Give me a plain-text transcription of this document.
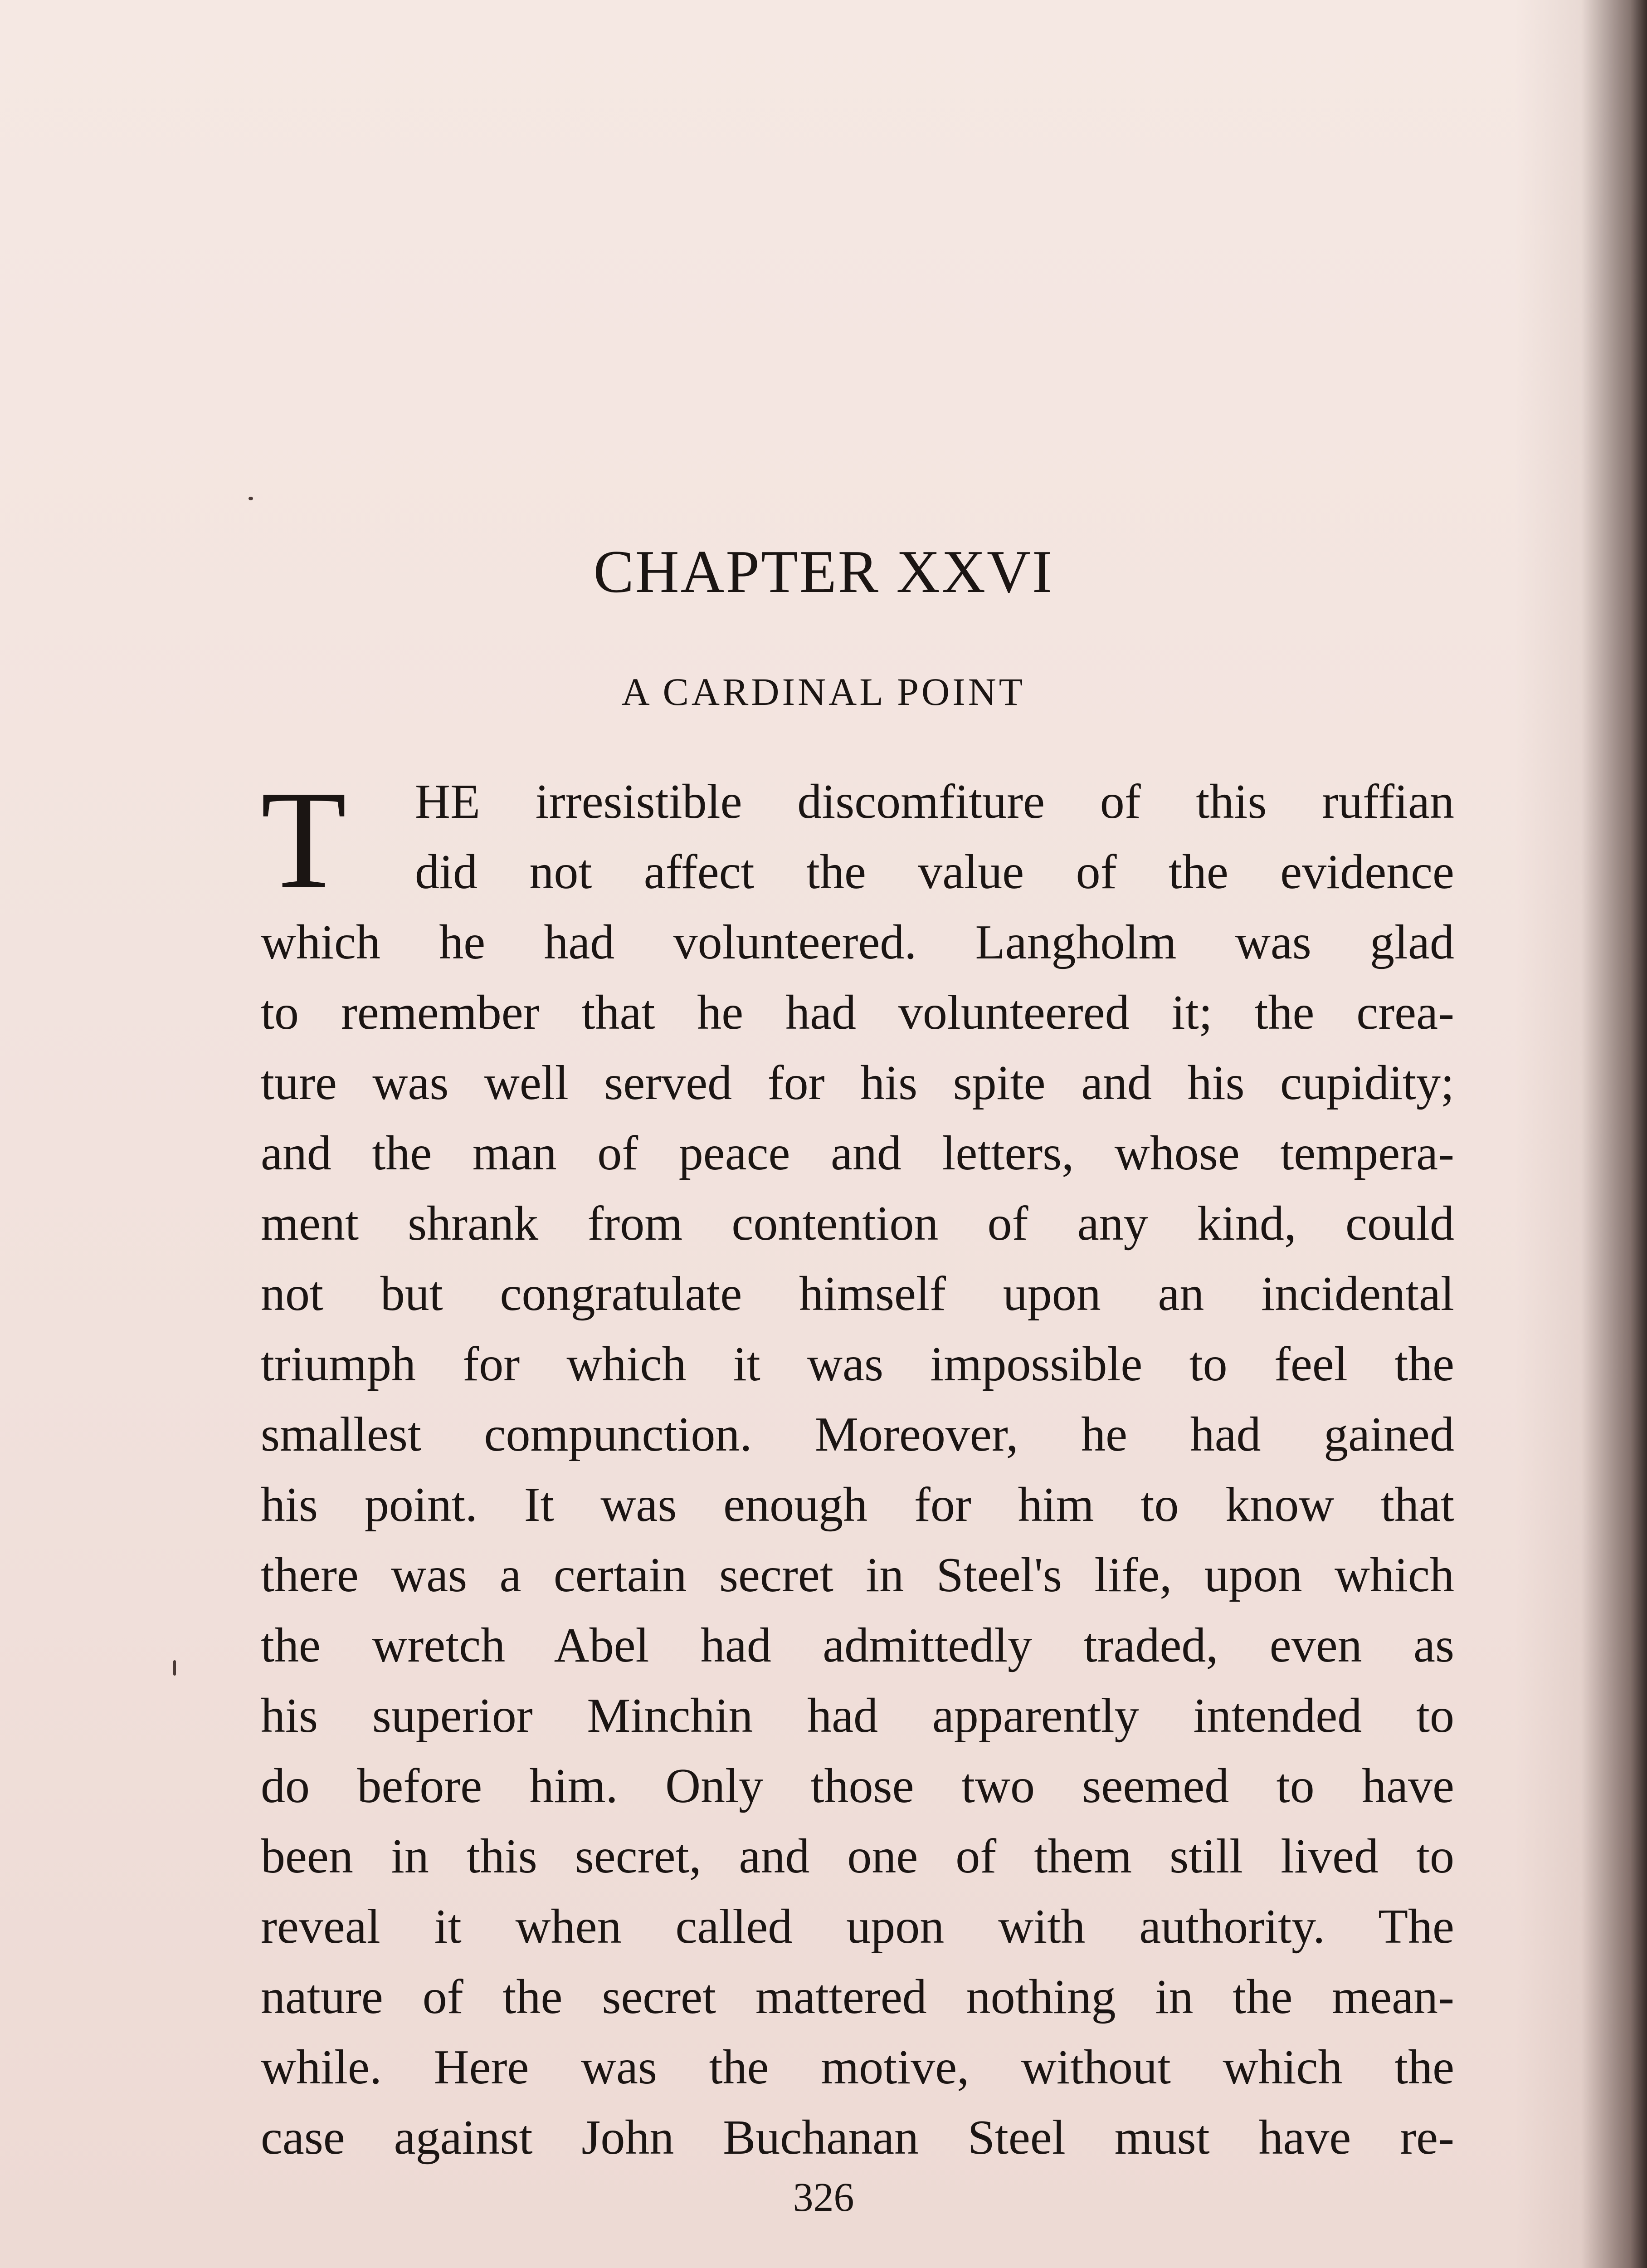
CHAPTER XXVI
A CARDINAL POINT
T	HE irresistible discomfiture of this ruffian
did not affect the value of the evidence
which he had volunteered. Langholm was glad
to remember that he had volunteered it; the crea-
ture was well served for his spite and his cupidity;
and the man of peace and letters, whose tempera-
ment shrank from contention of any kind, could
not but congratulate himself upon an incidental
triumph for which it was impossible to feel the
smallest compunction. Moreover, he had gained
his point. It was enough for him to know that
there was a certain secret in Steel's life, upon which
the wretch Abel had admittedly traded, even as
his superior Minchin had apparently intended to
do before him. Only those two seemed to have
been in this secret, and one of them still lived to
reveal it when called upon with authority. The
nature of the secret mattered nothing in the mean-
while. Here was the motive, without which the
case against John Buchanan Steel must have re-
326
